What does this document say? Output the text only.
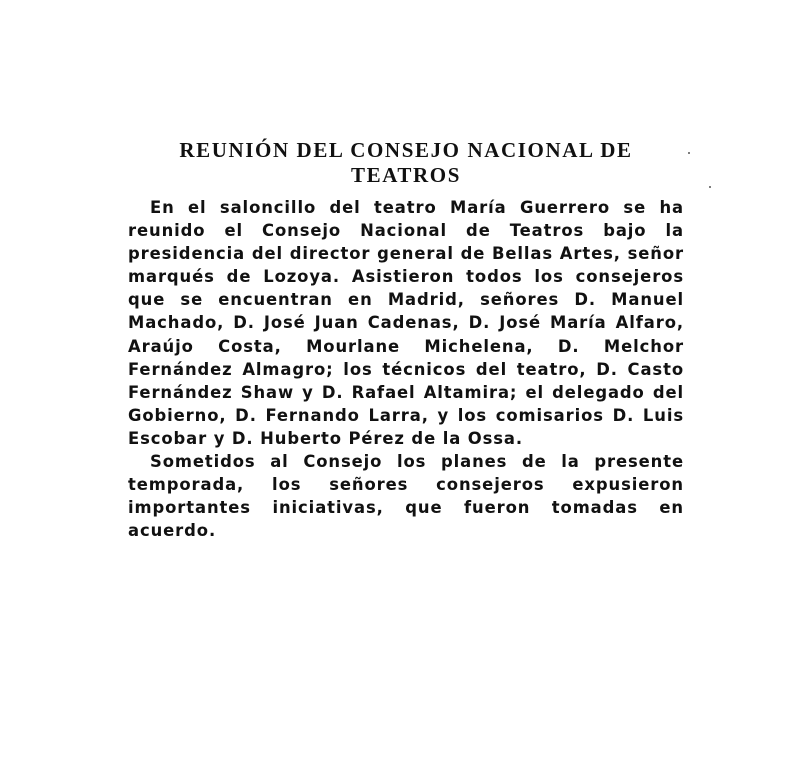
REUNIÓN DEL CONSEJO NACIONAL DE
TEATROS

En el saloncillo del teatro María Guerrero se ha reunido el Consejo Nacional de Teatros bajo la presidencia del director general de Bellas Artes, señor marqués de Lozoya. Asistieron todos los consejeros que se encuentran en Madrid, señores D. Manuel Machado, D. José Juan Cadenas, D. José María Alfaro, Araújo Costa, Mourlane Michelena, D. Melchor Fernández Almagro; los técnicos del teatro, D. Casto Fernández Shaw y D. Rafael Altamira; el delegado del Gobierno, D. Fernando Larra, y los comisarios D. Luis Escobar y D. Huberto Pérez de la Ossa.

Sometidos al Consejo los planes de la presente temporada, los señores consejeros expusieron importantes iniciativas, que fueron tomadas en acuerdo.
